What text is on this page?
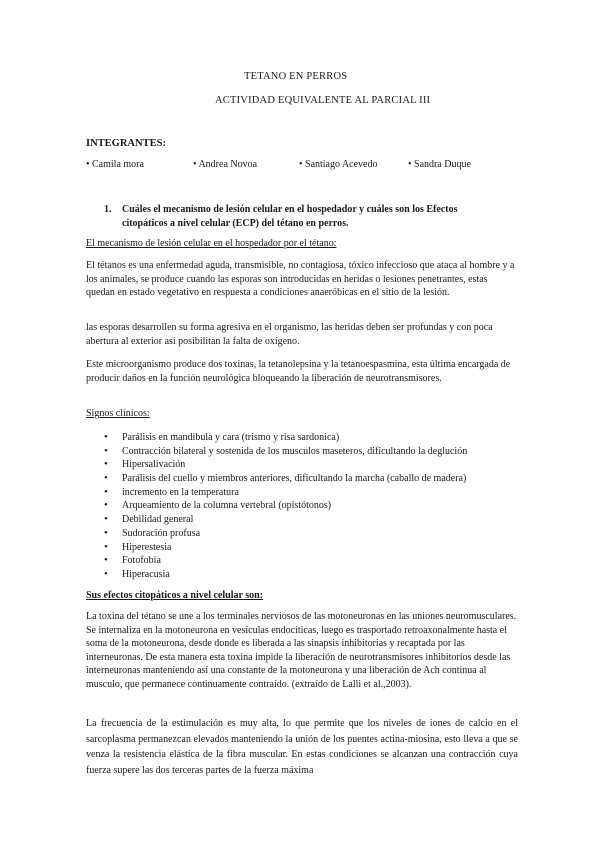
TETANO EN PERROS
ACTIVIDAD EQUIVALENTE AL PARCIAL III
INTEGRANTES:
• Camila mora	• Andrea Novoa	• Santiago Acevedo	• Sandra Duque
1. Cuáles el mecanismo de lesión celular en el hospedador y cuáles son los Efectos
citopáticos a nivel celular (ECP) del tétano en perros.
El mecanismo de lesión celular en el hospedador por el tétano:
El tétanos es una enfermedad aguda, transmisible, no contagiosa, tóxico infeccioso que ataca al hombre y a los animales, se produce cuando las esporas son introducidas en heridas o lesiones penetrantes, estas quedan en estado vegetativo en respuesta a condiciones anaeróbicas en el sitio de la lesión.
las esporas desarrollen su forma agresiva en el organismo, las heridas deben ser profundas y con poca abertura al exterior así posibilitan la falta de oxígeno.
Este microorganismo produce dos toxinas, la tetanolepsina y la tetanoespasmina, esta última encargada de producir daños en la función neurológica bloqueando la liberación de neurotransmisores.
Signos clínicos:
• Parálisis en mandibula y cara (trismo y risa sardonica)
• Contracción bilateral y sostenida de los musculos maseteros, dificultando la deglución
• Hipersalivación
• Parálisis del cuello y miembros anteriores, dificultando la marcha (caballo de madera)
• incremento en la temperatura
• Arqueamiento de la columna vertebral (opistótonos)
• Debilidad general
• Sudoración profusa
• Hiperestesia
• Fotofobia
• Hiperacusia
Sus efectos citopáticos a nivel celular son:
La toxina del tétano se une a los terminales nerviosos de las motoneuronas en las uniones neuromusculares. Se internaliza en la motoneurona en vesículas endocíticas, luego es trasportado retroaxonalmente hasta el soma de la motoneurona, desde donde es liberada a las sinapsis inhibitorias y recaptada por las interneuronas. De esta manera esta toxina impide la liberación de neurotransmisores inhibitorios desde las interneuronas manteniendo así una constante de la motoneurona y una liberación de Ach continua al musculo, que permanece continuamente contraído. (extraído de Lalli et al.,2003).
La frecuencia de la estimulación es muy alta, lo que permite que los niveles de iones de calcio en el sarcoplasma permanezcan elevados manteniendo la unión de los puentes actina-miosina, esto lleva a que se venza la resistencia elástica de la fibra muscular. En estas condiciones se alcanzan una contracción cuya fuerza supere las dos terceras partes de la fuerza máxima
